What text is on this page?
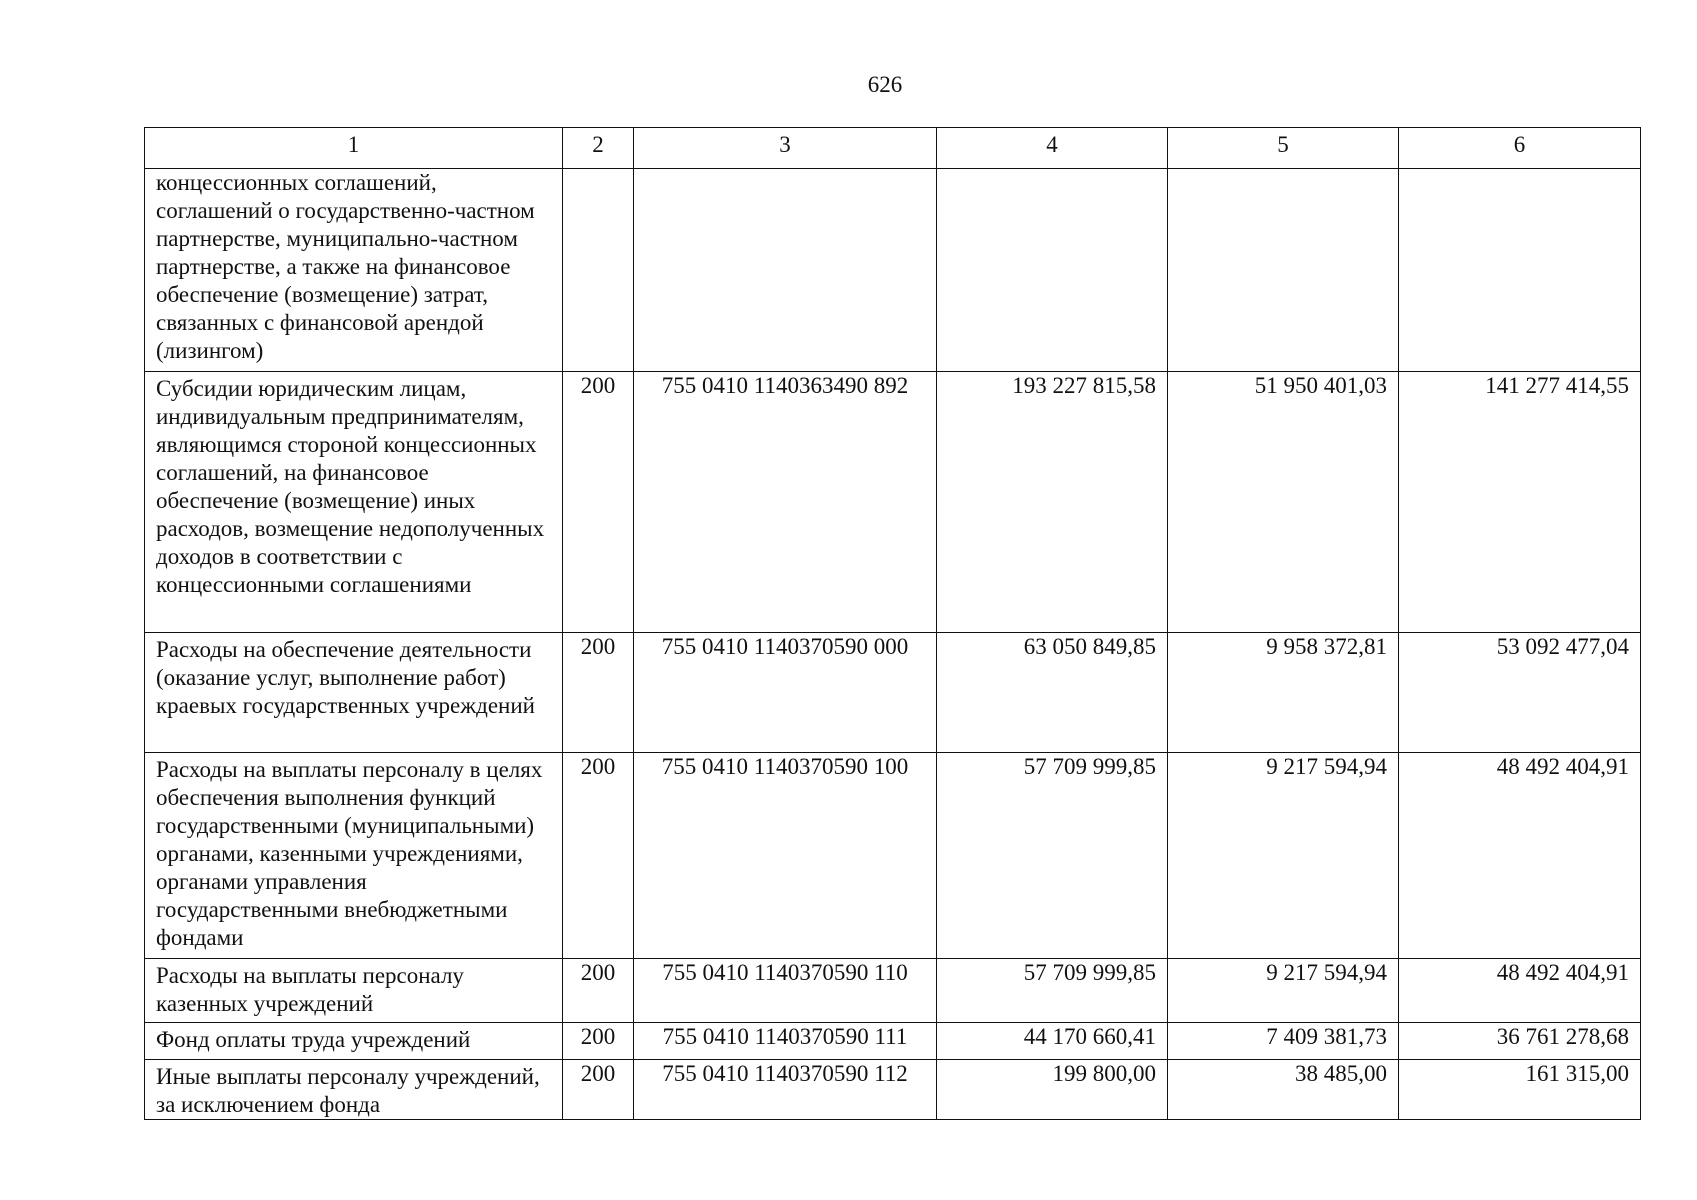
626
1	2	3	4	5	6
концессионных соглашений, соглашений о государственно-частном партнерстве, муниципально-частном партнерстве, а также на финансовое обеспечение (возмещение) затрат, связанных с финансовой арендой (лизингом)					
Субсидии юридическим лицам, индивидуальным предпринимателям, являющимся стороной концессионных соглашений, на финансовое обеспечение (возмещение) иных расходов, возмещение недополученных доходов в соответствии с концессионными соглашениями	200	755 0410 1140363490 892	193 227 815,58	51 950 401,03	141 277 414,55
Расходы на обеспечение деятельности (оказание услуг, выполнение работ) краевых государственных учреждений	200	755 0410 1140370590 000	63 050 849,85	9 958 372,81	53 092 477,04
Расходы на выплаты персоналу в целях обеспечения выполнения функций государственными (муниципальными) органами, казенными учреждениями, органами управления государственными внебюджетными фондами	200	755 0410 1140370590 100	57 709 999,85	9 217 594,94	48 492 404,91
Расходы на выплаты персоналу казенных учреждений	200	755 0410 1140370590 110	57 709 999,85	9 217 594,94	48 492 404,91
Фонд оплаты труда учреждений	200	755 0410 1140370590 111	44 170 660,41	7 409 381,73	36 761 278,68
Иные выплаты персоналу учреждений, за исключением фонда	200	755 0410 1140370590 112	199 800,00	38 485,00	161 315,00
